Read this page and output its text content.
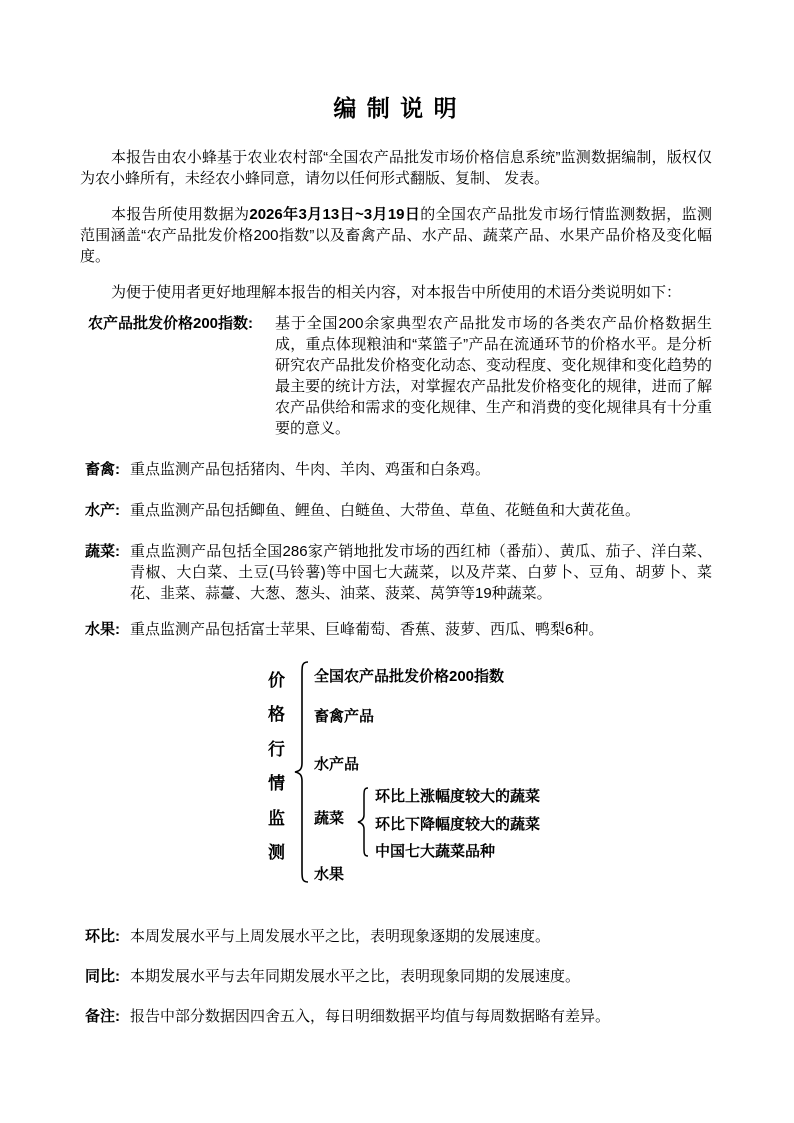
编 制 说 明

本报告由农小蜂基于农业农村部“全国农产品批发市场价格信息系统”监测数据编制，版权仅为农小蜂所有，未经农小蜂同意，请勿以任何形式翻版、复制、 发表。

本报告所使用数据为2026年3月13日~3月19日的全国农产品批发市场行情监测数据，监测范围涵盖“农产品批发价格200指数”以及畜禽产品、水产品、蔬菜产品、水果产品价格及变化幅度。

为便于使用者更好地理解本报告的相关内容，对本报告中所使用的术语分类说明如下：

农产品批发价格200指数:	基于全国200余家典型农产品批发市场的各类农产品价格数据生成，重点体现粮油和“菜篮子”产品在流通环节的价格水平。是分析研究农产品批发价格变化动态、变动程度、变化规律和变化趋势的最主要的统计方法，对掌握农产品批发价格变化的规律，进而了解农产品供给和需求的变化规律、生产和消费的变化规律具有十分重要的意义。
畜禽: 重点监测产品包括猪肉、牛肉、羊肉、鸡蛋和白条鸡。
水产: 重点监测产品包括鲫鱼、鲤鱼、白鲢鱼、大带鱼、草鱼、花鲢鱼和大黄花鱼。
蔬菜: 重点监测产品包括全国286家产销地批发市场的西红柿（番茄）、黄瓜、茄子、洋白菜、青椒、大白菜、土豆(马铃薯)等中国七大蔬菜，以及芹菜、白萝卜、豆角、胡萝卜、菜花、韭菜、蒜薹、大葱、葱头、油菜、菠菜、莴笋等19种蔬菜。
水果: 重点监测产品包括富士苹果、巨峰葡萄、香蕉、菠萝、西瓜、鸭梨6种。
价
格
行
情
监
测
全国农产品批发价格200指数
畜禽产品
水产品
蔬菜
水果
环比上涨幅度较大的蔬菜
环比下降幅度较大的蔬菜
中国七大蔬菜品种
环比: 本周发展水平与上周发展水平之比，表明现象逐期的发展速度。
同比: 本期发展水平与去年同期发展水平之比，表明现象同期的发展速度。
备注: 报告中部分数据因四舍五入，每日明细数据平均值与每周数据略有差异。
